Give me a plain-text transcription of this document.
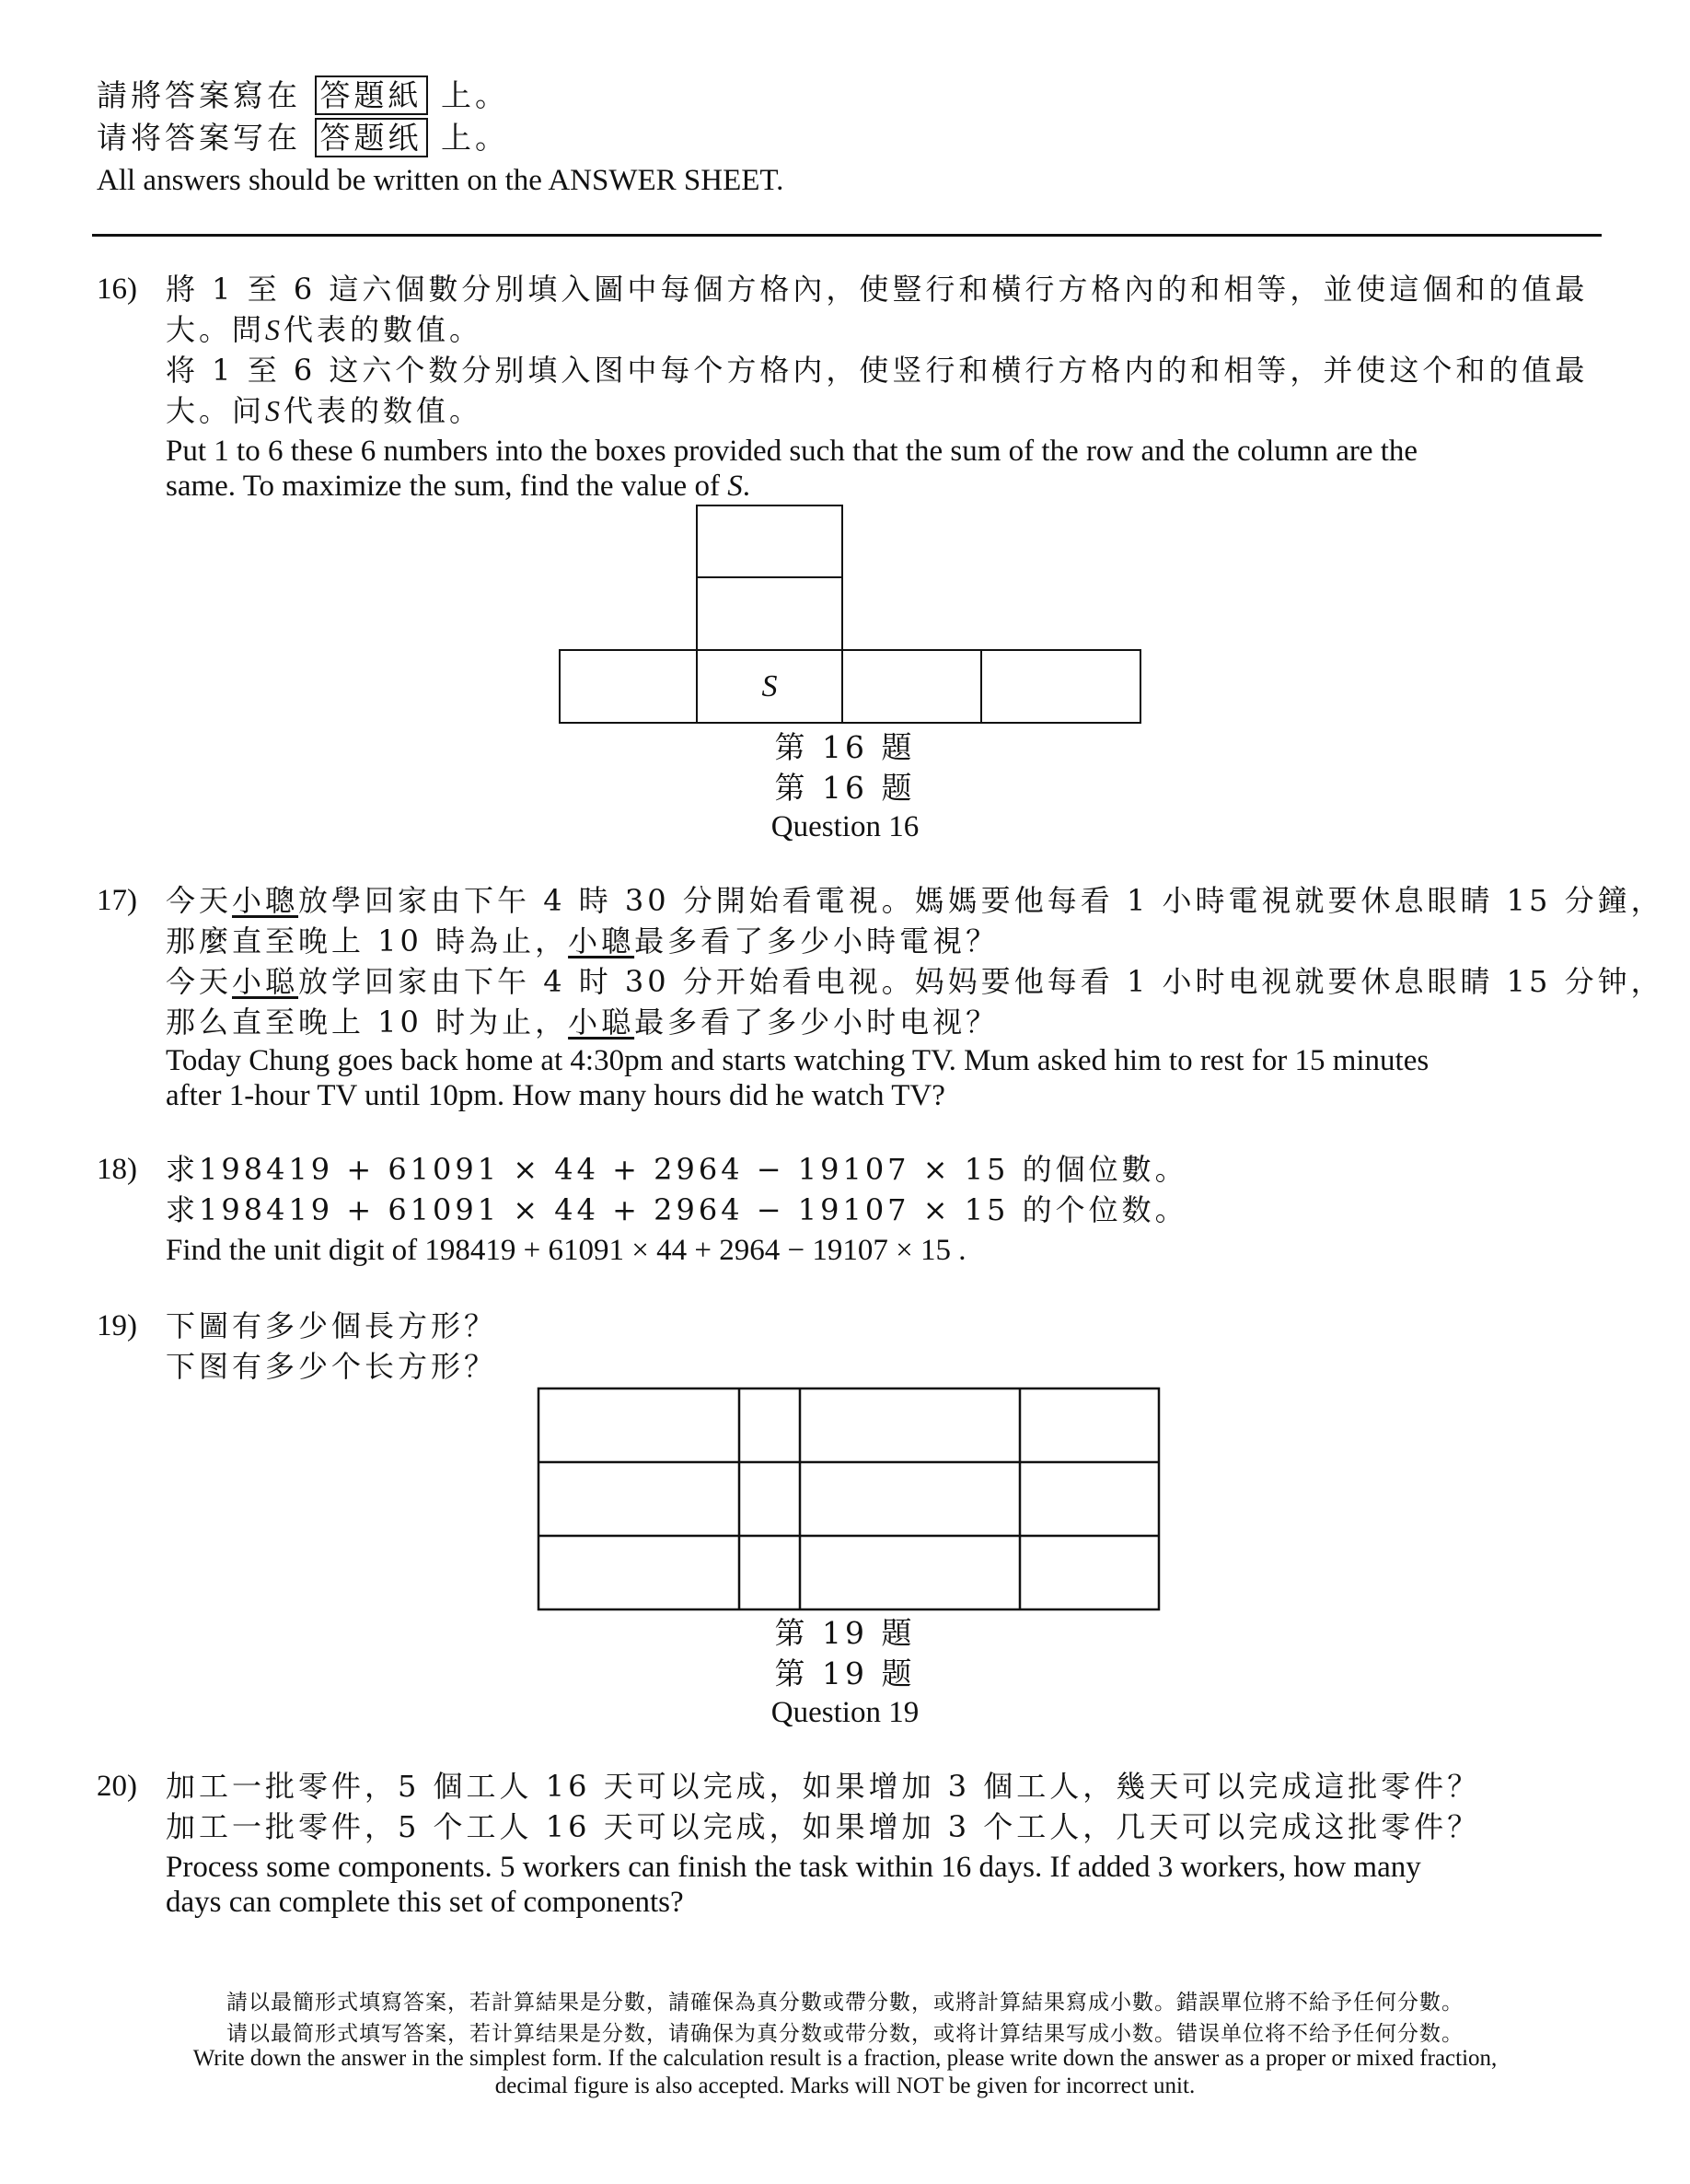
請將答案寫在 答題紙 上。
请将答案写在 答题纸 上。
All answers should be written on the ANSWER SHEET.
16) 將 1 至 6 這六個數分別填入圖中每個方格內，使豎行和橫行方格內的和相等，並使這個和的值最
大。問S代表的數值。
将 1 至 6 这六个数分别填入图中每个方格内，使竖行和横行方格内的和相等，并使这个和的值最
大。问S代表的数值。
Put 1 to 6 these 6 numbers into the boxes provided such that the sum of the row and the column are the
same. To maximize the sum, find the value of S.
S
第 16 題
第 16 题
Question 16
17) 今天小聰放學回家由下午 4 時 30 分開始看電視。媽媽要他每看 1 小時電視就要休息眼睛 15 分鐘，
那麼直至晚上 10 時為止，小聰最多看了多少小時電視？
今天小聪放学回家由下午 4 时 30 分开始看电视。妈妈要他每看 1 小时电视就要休息眼睛 15 分钟，
那么直至晚上 10 时为止，小聪最多看了多少小时电视？
Today Chung goes back home at 4:30pm and starts watching TV. Mum asked him to rest for 15 minutes
after 1-hour TV until 10pm. How many hours did he watch TV?
18) 求198419 + 61091 × 44 + 2964 − 19107 × 15 的個位數。
求198419 + 61091 × 44 + 2964 − 19107 × 15 的个位数。
Find the unit digit of 198419 + 61091 × 44 + 2964 − 19107 × 15 .
19) 下圖有多少個長方形？
下图有多少个长方形？
第 19 題
第 19 题
Question 19
20) 加工一批零件，5 個工人 16 天可以完成，如果增加 3 個工人，幾天可以完成這批零件？
加工一批零件，5 个工人 16 天可以完成，如果增加 3 个工人，几天可以完成这批零件？
Process some components. 5 workers can finish the task within 16 days. If added 3 workers, how many
days can complete this set of components?
請以最簡形式填寫答案，若計算結果是分數，請確保為真分數或帶分數，或將計算結果寫成小數。錯誤單位將不給予任何分數。
请以最简形式填写答案，若计算结果是分数，请确保为真分数或带分数，或将计算结果写成小数。错误单位将不给予任何分数。
Write down the answer in the simplest form. If the calculation result is a fraction, please write down the answer as a proper or mixed fraction,
decimal figure is also accepted. Marks will NOT be given for incorrect unit.
